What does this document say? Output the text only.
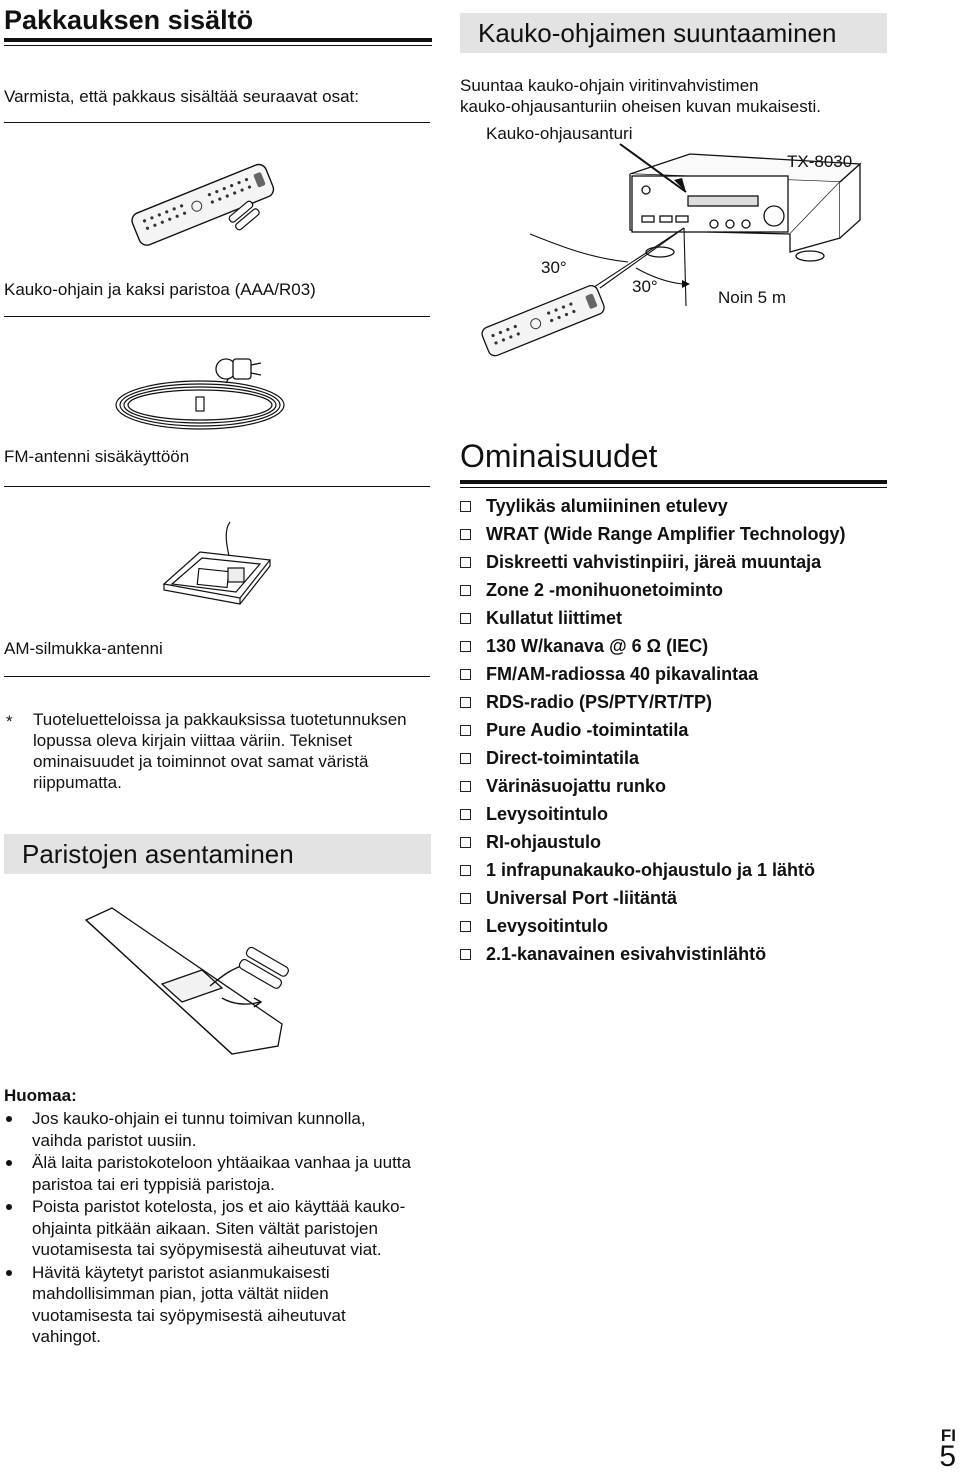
Pakkauksen sisältö
Varmista, että pakkaus sisältää seuraavat osat:
Kauko-ohjain ja kaksi paristoa (AAA/R03)
FM-antenni sisäkäyttöön
AM-silmukka-antenni
* Tuoteluetteloissa ja pakkauksissa tuotetunnuksen lopussa oleva kirjain viittaa väriin. Tekniset ominaisuudet ja toiminnot ovat samat väristä riippumatta.
Paristojen asentaminen
Kauko-ohjaimen suuntaaminen
Suuntaa kauko-ohjain viritinvahvistimen
kauko-ohjausanturiin oheisen kuvan mukaisesti.
Kauko-ohjausanturi
TX-8030
30°
30°
Noin 5 m
Ominaisuudet
Tyylikäs alumiininen etulevy
WRAT (Wide Range Amplifier Technology)
Diskreetti vahvistinpiiri, järeä muuntaja
Zone 2 -monihuonetoiminto
Kullatut liittimet
130 W/kanava @ 6 Ω (IEC)
FM/AM-radiossa 40 pikavalintaa
RDS-radio (PS/PTY/RT/TP)
Pure Audio -toimintatila
Direct-toimintatila
Värinäsuojattu runko
Levysoitintulo
RI-ohjaustulo
1 infrapunakauko-ohjaustulo ja 1 lähtö
Universal Port -liitäntä
Levysoitintulo
2.1-kanavainen esivahvistinlähtö
Huomaa:
Jos kauko-ohjain ei tunnu toimivan kunnolla, vaihda paristot uusiin.
Älä laita paristokoteloon yhtäaikaa vanhaa ja uutta paristoa tai eri typpisiä paristoja.
Poista paristot kotelosta, jos et aio käyttää kauko-ohjainta pitkään aikaan. Siten vältät paristojen vuotamisesta tai syöpymisestä aiheutuvat viat.
Hävitä käytetyt paristot asianmukaisesti mahdollisimman pian, jotta vältät niiden vuotamisesta tai syöpymisestä aiheutuvat vahingot.
FI
5
